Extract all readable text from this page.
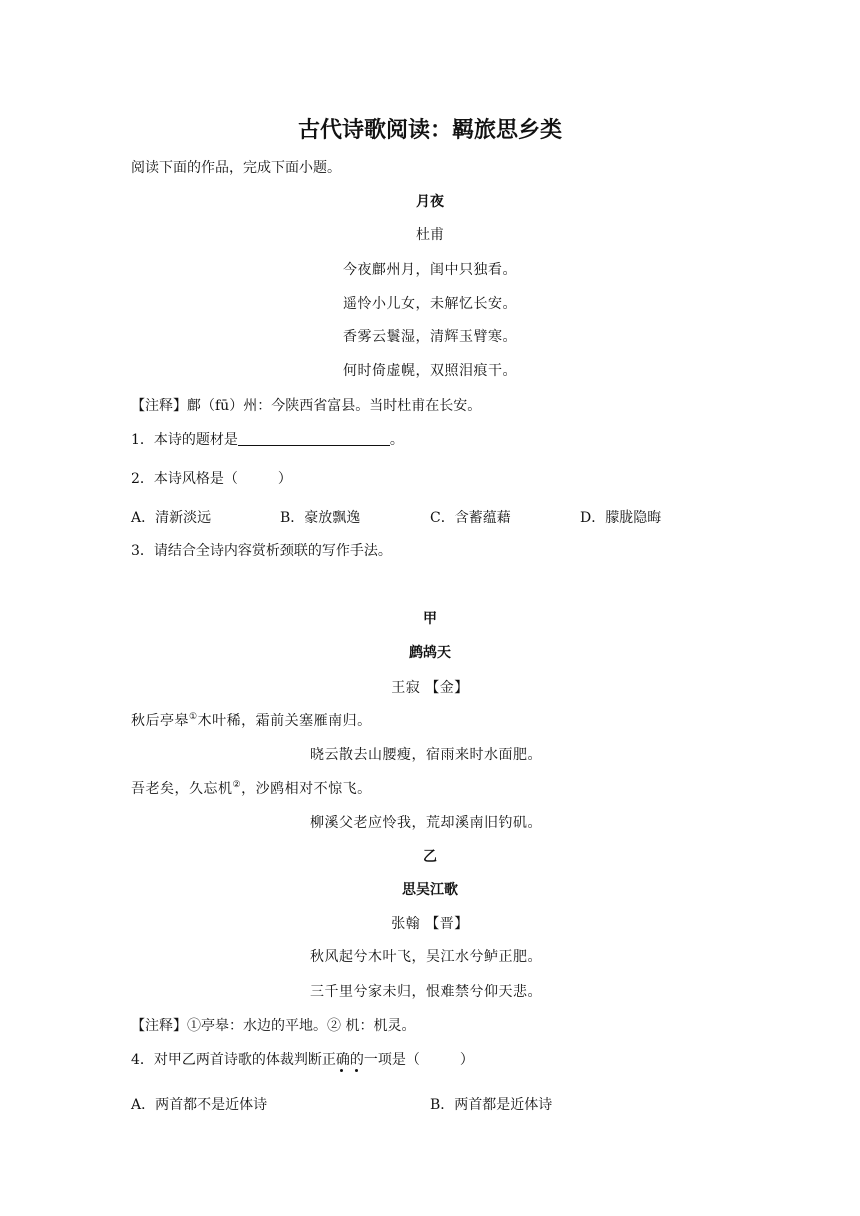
古代诗歌阅读：羁旅思乡类
阅读下面的作品，完成下面小题。
月夜
杜甫
今夜鄜州月，闺中只独看。
遥怜小儿女，未解忆长安。
香雾云鬟湿，清辉玉臂寒。
何时倚虚幌，双照泪痕干。
【注释】鄜（fū）州：今陕西省富县。当时杜甫在长安。
1．本诗的题材是	。
2．本诗风格是（	）
A．清新淡远	B．豪放飘逸	C．含蓄蕴藉	D．朦胧隐晦
3．请结合全诗内容赏析颈联的写作手法。
甲
鹧鸪天
王寂 【金】
秋后亭皋①木叶稀，霜前关塞雁南归。
晓云散去山腰瘦，宿雨来时水面肥。
吾老矣，久忘机②，沙鸥相对不惊飞。
柳溪父老应怜我，荒却溪南旧钓矶。
乙
思吴江歌
张翰 【晋】
秋风起兮木叶飞，吴江水兮鲈正肥。
三千里兮家未归，恨难禁兮仰天悲。
【注释】①亭皋：水边的平地。② 机：机灵。
4．对甲乙两首诗歌的体裁判断正确的一项是（	）
A．两首都不是近体诗	B．两首都是近体诗
